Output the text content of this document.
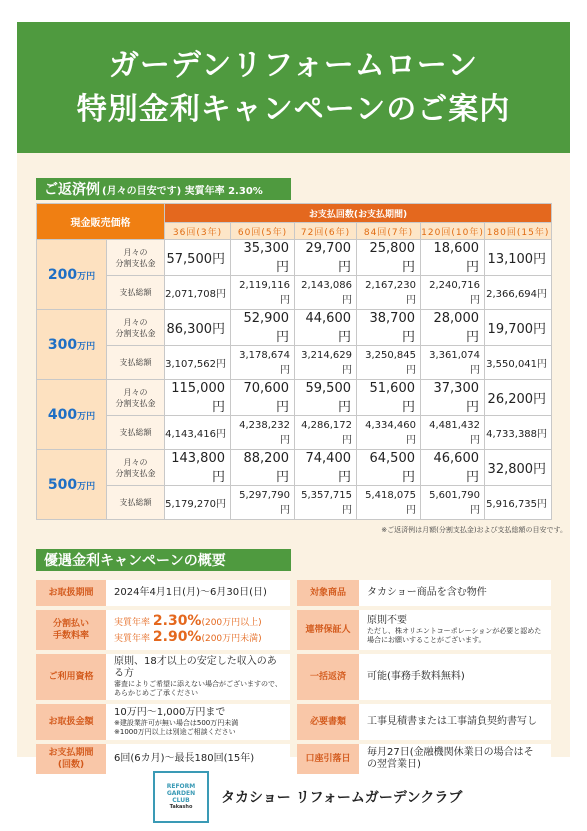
ガーデンリフォームローン
特別金利キャンペーンのご案内
ご返済例 (月々の目安です) 実質年率 2.30%
現金販売価格		お支払回数(お支払期間)					
		36回(3年)	60回(5年)	72回(6年)	84回(7年)	120回(10年)	180回(15年)
200万円	月々の
分割支払金	57,500円	35,300円	29,700円	25,800円	18,600円	13,100円
	支払総額	2,071,708円	2,119,116円	2,143,086円	2,167,230円	2,240,716円	2,366,694円
300万円	月々の
分割支払金	86,300円	52,900円	44,600円	38,700円	28,000円	19,700円
	支払総額	3,107,562円	3,178,674円	3,214,629円	3,250,845円	3,361,074円	3,550,041円
400万円	月々の
分割支払金	115,000円	70,600円	59,500円	51,600円	37,300円	26,200円
	支払総額	4,143,416円	4,238,232円	4,286,172円	4,334,460円	4,481,432円	4,733,388円
500万円	月々の
分割支払金	143,800円	88,200円	74,400円	64,500円	46,600円	32,800円
	支払総額	5,179,270円	5,297,790円	5,357,715円	5,418,075円	5,601,790円	5,916,735円
※ご返済例は月額(分割支払金)および支払総額の目安です。
優遇金利キャンペーンの概要
お取扱期間	2024年4月1日(月)〜6月30日(日)		対象商品	タカショー商品を含む物件
分割払い
手数料率	実質年率 2.30%(200万円以上)
実質年率 2.90%(200万円未満)		連帯保証人	原則不要
ただし、株オリエントコーポレーションが必要と認めた場合にお願いすることがございます。

ご利用資格	原則、18才以上の安定した収入のある方
審査によりご希望に添えない場合がございますので、あらかじめご了承ください		一括返済	可能(事務手数料無料)
お取扱金額	10万円〜1,000万円まで
※建設業許可が無い場合は500万円未満
※1000万円以上は別途ご相談ください		必要書類	工事見積書または工事請負契約書写し
お支払期間
(回数)	6回(6カ月)〜最長180回(15年)		口座引落日	毎月27日(金融機関休業日の場合はその翌営業日)
REFORM
GARDEN
CLUB
Takasho
タカショー リフォームガーデンクラブ
